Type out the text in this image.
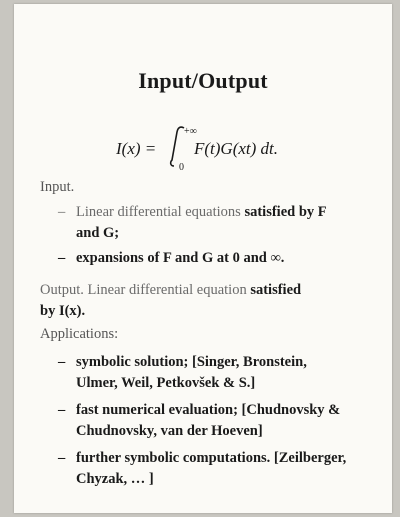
Input/Output
I(x) =
+∞
0
F(t)G(xt) dt.
Input.
– Linear differential equations satisfied by F
and G;
– expansions of F and G at 0 and ∞.
Output. Linear differential equation satisfied
by I(x).
Applications:
– symbolic solution; [Singer, Bronstein,
Ulmer, Weil, Petkovšek & S.]
– fast numerical evaluation; [Chudnovsky &
Chudnovsky, van der Hoeven]
– further symbolic computations. [Zeilberger,
Chyzak, … ]
